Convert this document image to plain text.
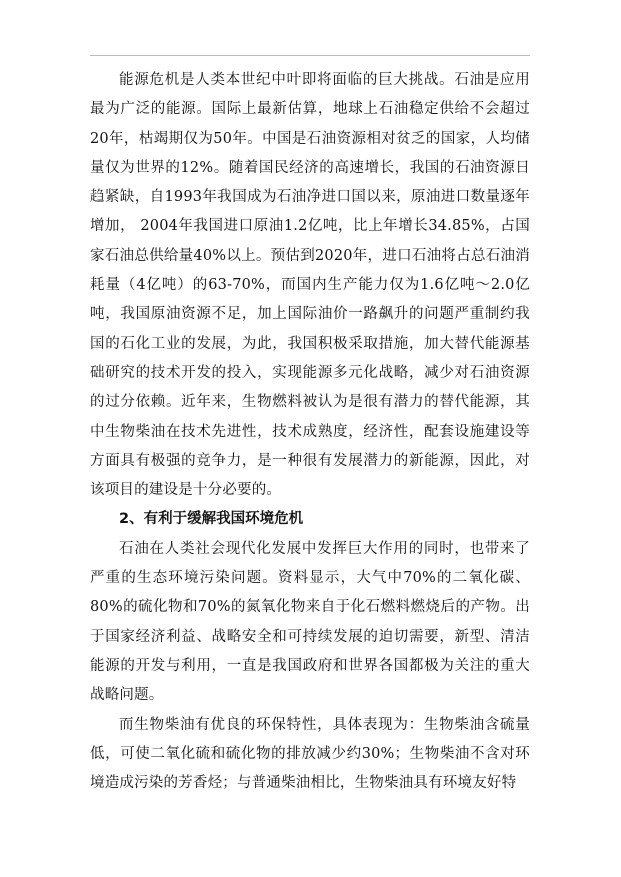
能源危机是人类本世纪中叶即将面临的巨大挑战。石油是应用最为广泛的能源。国际上最新估算，地球上石油稳定供给不会超过20年，枯竭期仅为50年。中国是石油资源相对贫乏的国家，人均储量仅为世界的12%。随着国民经济的高速增长，我国的石油资源日趋紧缺，自1993年我国成为石油净进口国以来，原油进口数量逐年增加， 2004年我国进口原油1.2亿吨，比上年增长34.85%，占国家石油总供给量40%以上。预估到2020年，进口石油将占总石油消耗量（4亿吨）的63-70%，而国内生产能力仅为1.6亿吨～2.0亿吨，我国原油资源不足，加上国际油价一路飙升的问题严重制约我国的石化工业的发展，为此，我国积极采取措施，加大替代能源基础研究的技术开发的投入，实现能源多元化战略，减少对石油资源的过分依赖。近年来，生物燃料被认为是很有潜力的替代能源，其中生物柴油在技术先进性，技术成熟度，经济性，配套设施建设等方面具有极强的竞争力，是一种很有发展潜力的新能源，因此，对该项目的建设是十分必要的。

2、有利于缓解我国环境危机

石油在人类社会现代化发展中发挥巨大作用的同时，也带来了严重的生态环境污染问题。资料显示，大气中70%的二氧化碳、80%的硫化物和70%的氮氧化物来自于化石燃料燃烧后的产物。出于国家经济利益、战略安全和可持续发展的迫切需要，新型、清洁能源的开发与利用，一直是我国政府和世界各国都极为关注的重大战略问题。

而生物柴油有优良的环保特性，具体表现为：生物柴油含硫量低，可使二氧化硫和硫化物的排放减少约30%；生物柴油不含对环境造成污染的芳香烃；与普通柴油相比，生物柴油具有环境友好特
